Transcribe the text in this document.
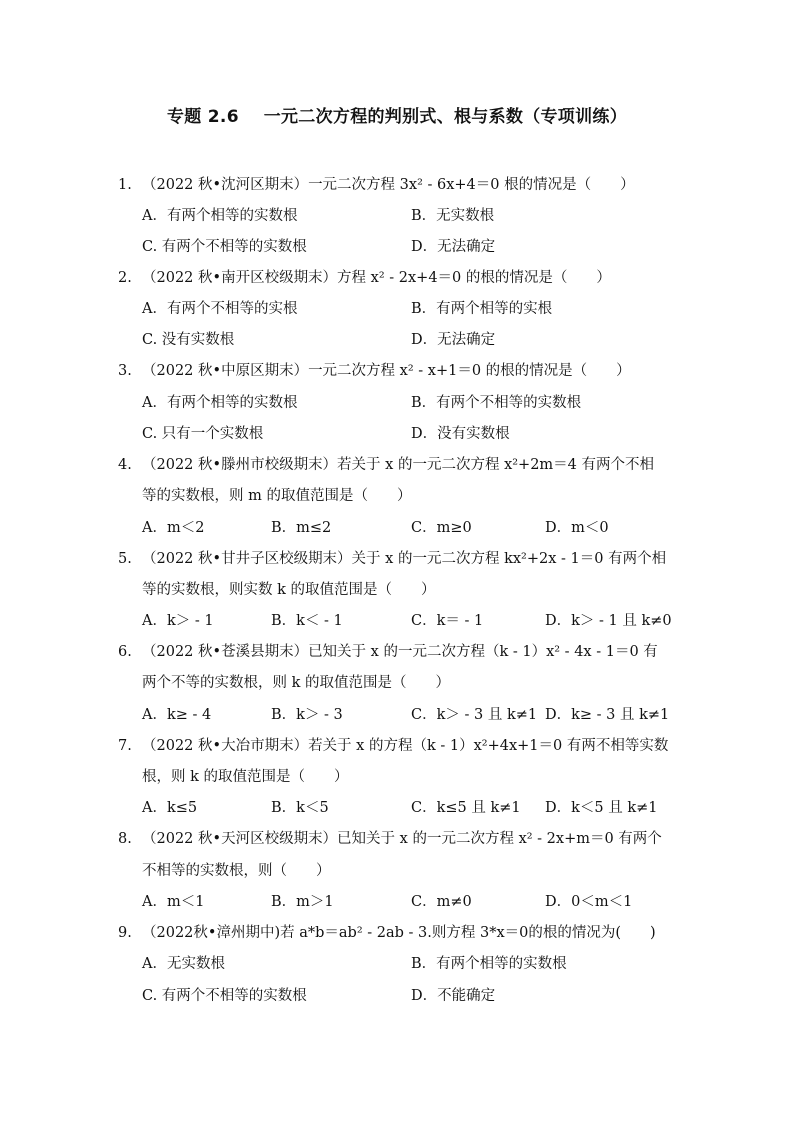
专题 2.6    一元二次方程的判别式、根与系数（专项训练）
1. （2022 秋•沈河区期末）一元二次方程 3x² - 6x+4＝0 根的情况是（　　）
A．有两个相等的实数根	B．无实数根
C. 有两个不相等的实数根	D．无法确定
2. （2022 秋•南开区校级期末）方程 x² - 2x+4＝0 的根的情况是（　　）
A．有两个不相等的实根	B．有两个相等的实根
C. 没有实数根	D．无法确定
3. （2022 秋•中原区期末）一元二次方程 x² - x+1＝0 的根的情况是（　　）
A．有两个相等的实数根	B．有两个不相等的实数根
C. 只有一个实数根	D．没有实数根
4. （2022 秋•滕州市校级期末）若关于 x 的一元二次方程 x²+2m＝4 有两个不相
等的实数根，则 m 的取值范围是（　　）
A．m＜2	B．m≤2	C．m≥0	D．m＜0
5. （2022 秋•甘井子区校级期末）关于 x 的一元二次方程 kx²+2x - 1＝0 有两个相
等的实数根，则实数 k 的取值范围是（　　）
A．k＞ - 1	B．k＜ - 1	C．k＝ - 1	D．k＞ - 1 且 k≠0
6. （2022 秋•苍溪县期末）已知关于 x 的一元二次方程（k - 1）x² - 4x - 1＝0 有
两个不等的实数根，则 k 的取值范围是（　　）
A．k≥ - 4	B．k＞ - 3	C．k＞ - 3 且 k≠1 D．k≥ - 3 且 k≠1
7. （2022 秋•大冶市期末）若关于 x 的方程（k - 1）x²+4x+1＝0 有两不相等实数
根，则 k 的取值范围是（　　）
A．k≤5	B．k＜5	C．k≤5 且 k≠1 D．k＜5 且 k≠1
8. （2022 秋•天河区校级期末）已知关于 x 的一元二次方程 x² - 2x+m＝0 有两个
不相等的实数根，则（　　）
A．m＜1	B．m＞1	C．m≠0	D．0＜m＜1
9. （2022秋•漳州期中)若 a*b＝ab² - 2ab - 3.则方程 3*x＝0的根的情况为(　　)
A．无实数根	B．有两个相等的实数根
C. 有两个不相等的实数根	D．不能确定
